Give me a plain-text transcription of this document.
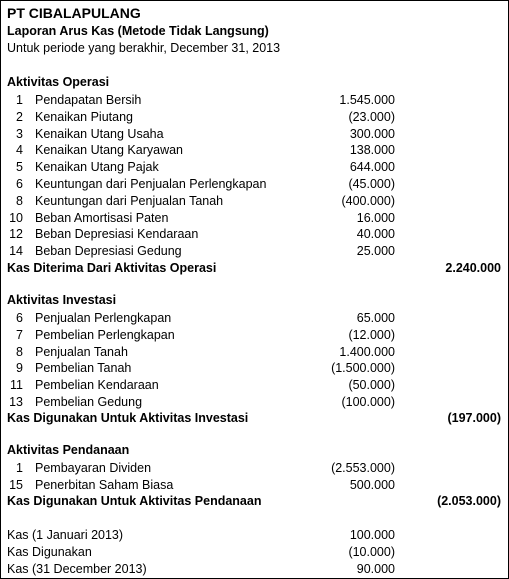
PT CIBALAPULANG
Laporan Arus Kas (Metode Tidak Langsung)
Untuk periode yang berakhir, December 31, 2013
Aktivitas Operasi
1 Pendapatan Bersih	1.545.000
2 Kenaikan Piutang	(23.000)
3 Kenaikan Utang Usaha	300.000
4 Kenaikan Utang Karyawan	138.000
5 Kenaikan Utang Pajak	644.000
6 Keuntungan dari Penjualan Perlengkapan	(45.000)
8 Keuntungan dari Penjualan Tanah	(400.000)
10 Beban Amortisasi Paten	16.000
12 Beban Depresiasi Kendaraan	40.000
14 Beban Depresiasi Gedung	25.000
Kas Diterima Dari Aktivitas Operasi	2.240.000
Aktivitas Investasi
6 Penjualan Perlengkapan	65.000
7 Pembelian Perlengkapan	(12.000)
8 Penjualan Tanah	1.400.000
9 Pembelian Tanah	(1.500.000)
11 Pembelian Kendaraan	(50.000)
13 Pembelian Gedung	(100.000)
Kas Digunakan Untuk Aktivitas Investasi	(197.000)
Aktivitas Pendanaan
1 Pembayaran Dividen	(2.553.000)
15 Penerbitan Saham Biasa	500.000
Kas Digunakan Untuk Aktivitas Pendanaan	(2.053.000)
Kas (1 Januari 2013)	100.000
Kas Digunakan	(10.000)
Kas (31 December 2013)	90.000
